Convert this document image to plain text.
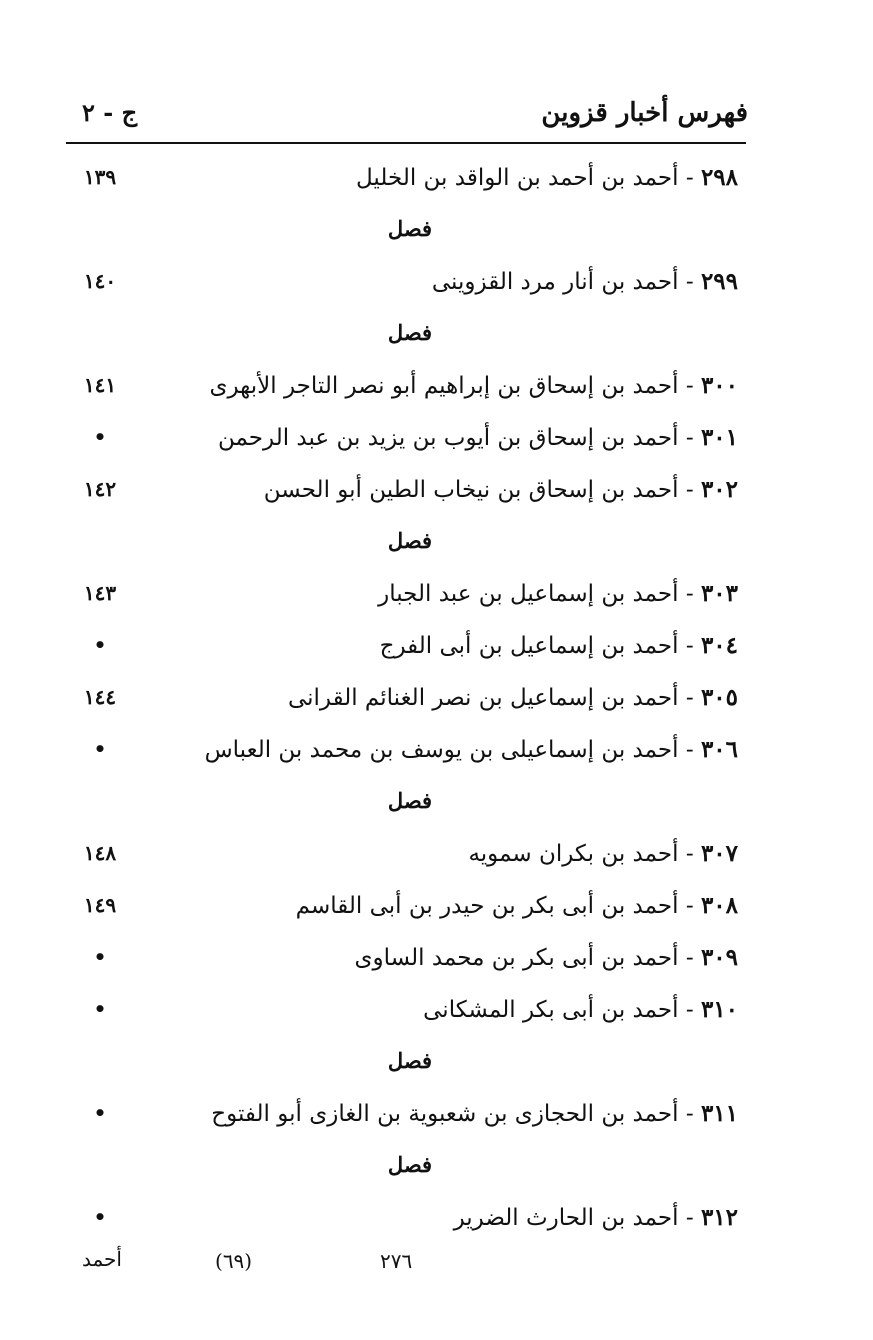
فهرس أخبار قزوين
ج - ٢
٢٩٨ - أحمد بن أحمد بن الواقد بن الخليل
١٣٩
فصل
٢٩٩ - أحمد بن أنار مرد القزوينى
١٤٠
فصل
٣٠٠ - أحمد بن إسحاق بن إبراهيم أبو نصر التاجر الأبهرى
١٤١
٣٠١ - أحمد بن إسحاق بن أيوب بن يزيد بن عبد الرحمن
•
٣٠٢ - أحمد بن إسحاق بن نيخاب الطين أبو الحسن
١٤٢
فصل
٣٠٣ - أحمد بن إسماعيل بن عبد الجبار
١٤٣
٣٠٤ - أحمد بن إسماعيل بن أبى الفرج
•
٣٠٥ - أحمد بن إسماعيل بن نصر الغنائم القرانى
١٤٤
٣٠٦ - أحمد بن إسماعيلى بن يوسف بن محمد بن العباس
•
فصل
٣٠٧ - أحمد بن بكران سمويه
١٤٨
٣٠٨ - أحمد بن أبى بكر بن حيدر بن أبى القاسم
١٤٩
٣٠٩ - أحمد بن أبى بكر بن محمد الساوى
•
٣١٠ - أحمد بن أبى بكر المشكانى
•
فصل
٣١١ - أحمد بن الحجازى بن شعبوية بن الغازى أبو الفتوح
•
فصل
٣١٢ - أحمد بن الحارث الضرير
•
أحمد	(٦٩)	٢٧٦
